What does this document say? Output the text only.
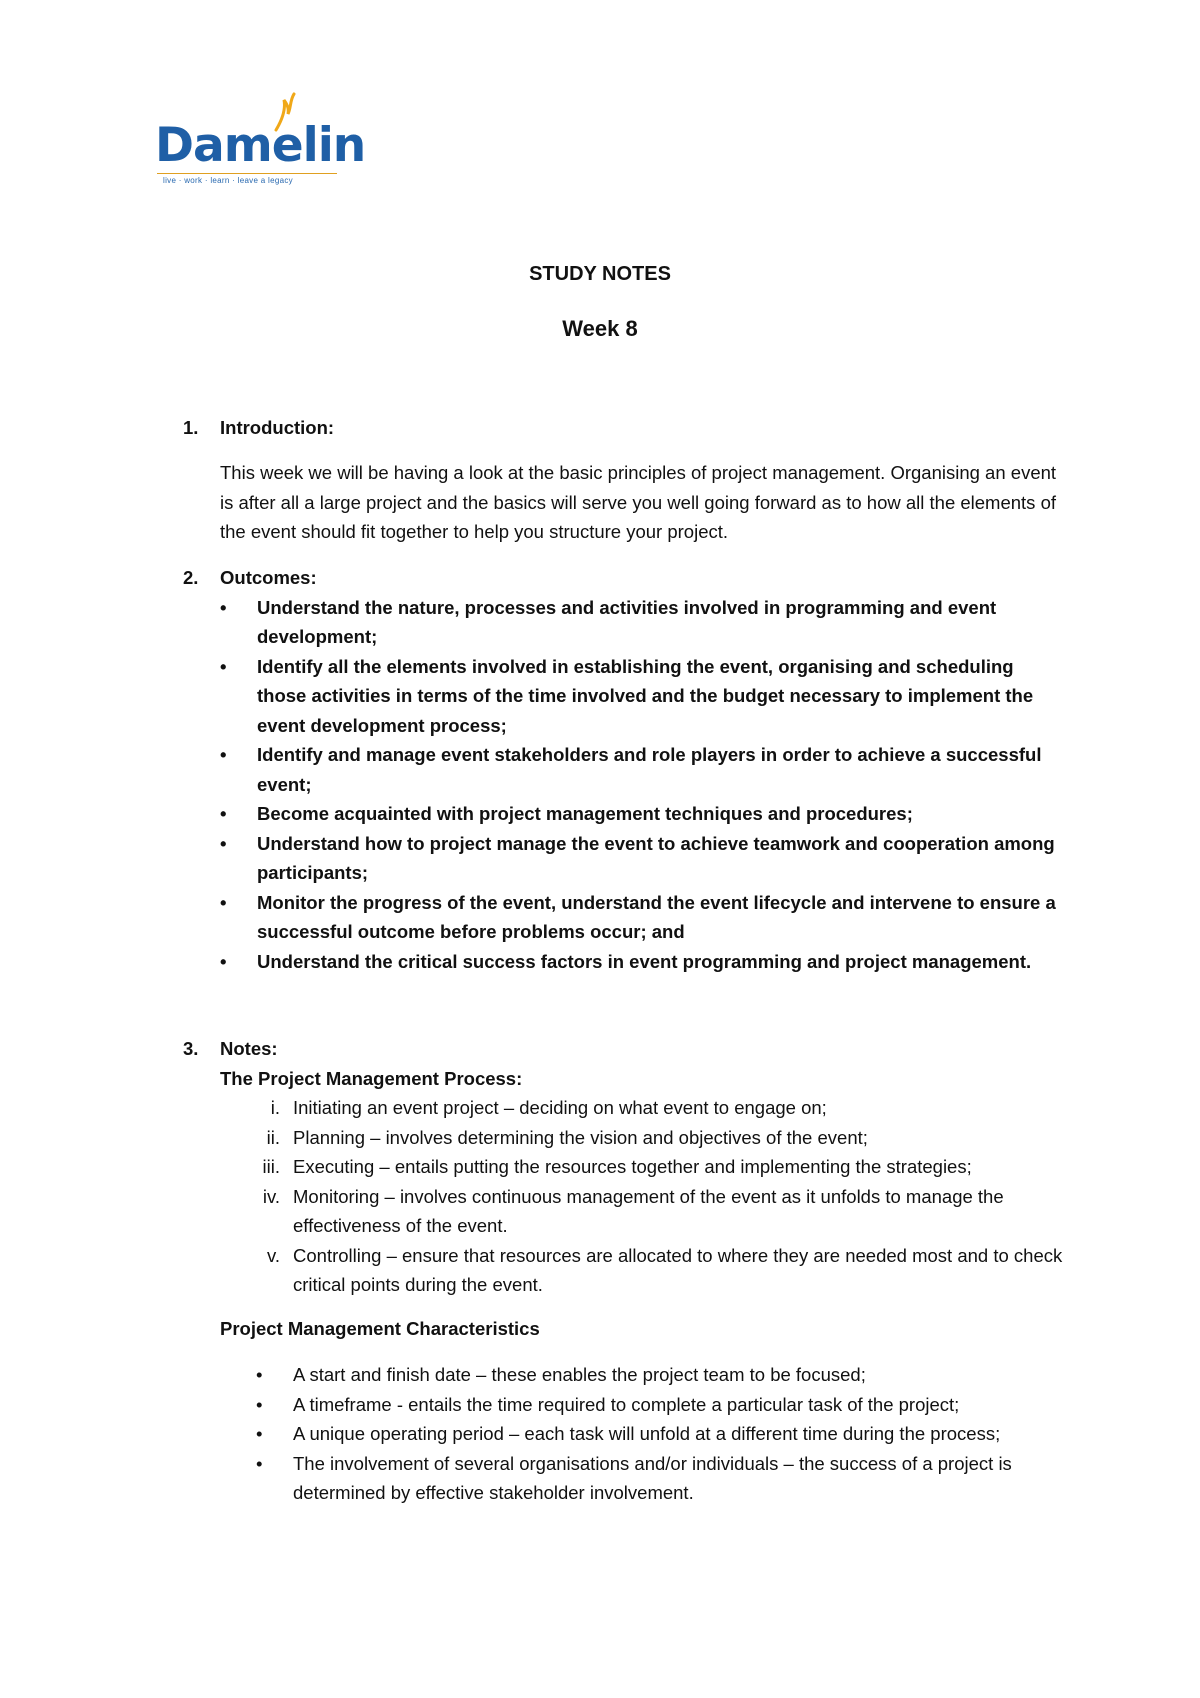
Damelin
live · work · learn · leave a legacy
STUDY NOTES
Week 8
1. Introduction:
This week we will be having a look at the basic principles of project management. Organising an event is after all a large project and the basics will serve you well going forward as to how all the elements of the event should fit together to help you structure your project.
2. Outcomes:
• Understand the nature, processes and activities involved in programming and event development;
• Identify all the elements involved in establishing the event, organising and scheduling those activities in terms of the time involved and the budget necessary to implement the event development process;
• Identify and manage event stakeholders and role players in order to achieve a successful event;
• Become acquainted with project management techniques and procedures;
• Understand how to project manage the event to achieve teamwork and cooperation among participants;
• Monitor the progress of the event, understand the event lifecycle and intervene to ensure a successful outcome before problems occur; and
• Understand the critical success factors in event programming and project management.
3. Notes:
The Project Management Process:
i. Initiating an event project – deciding on what event to engage on;
ii. Planning – involves determining the vision and objectives of the event;
iii. Executing – entails putting the resources together and implementing the strategies;
iv. Monitoring – involves continuous management of the event as it unfolds to manage the effectiveness of the event.
v. Controlling – ensure that resources are allocated to where they are needed most and to check critical points during the event.
Project Management Characteristics
• A start and finish date – these enables the project team to be focused;
• A timeframe - entails the time required to complete a particular task of the project;
• A unique operating period – each task will unfold at a different time during the process;
• The involvement of several organisations and/or individuals – the success of a project is determined by effective stakeholder involvement.
